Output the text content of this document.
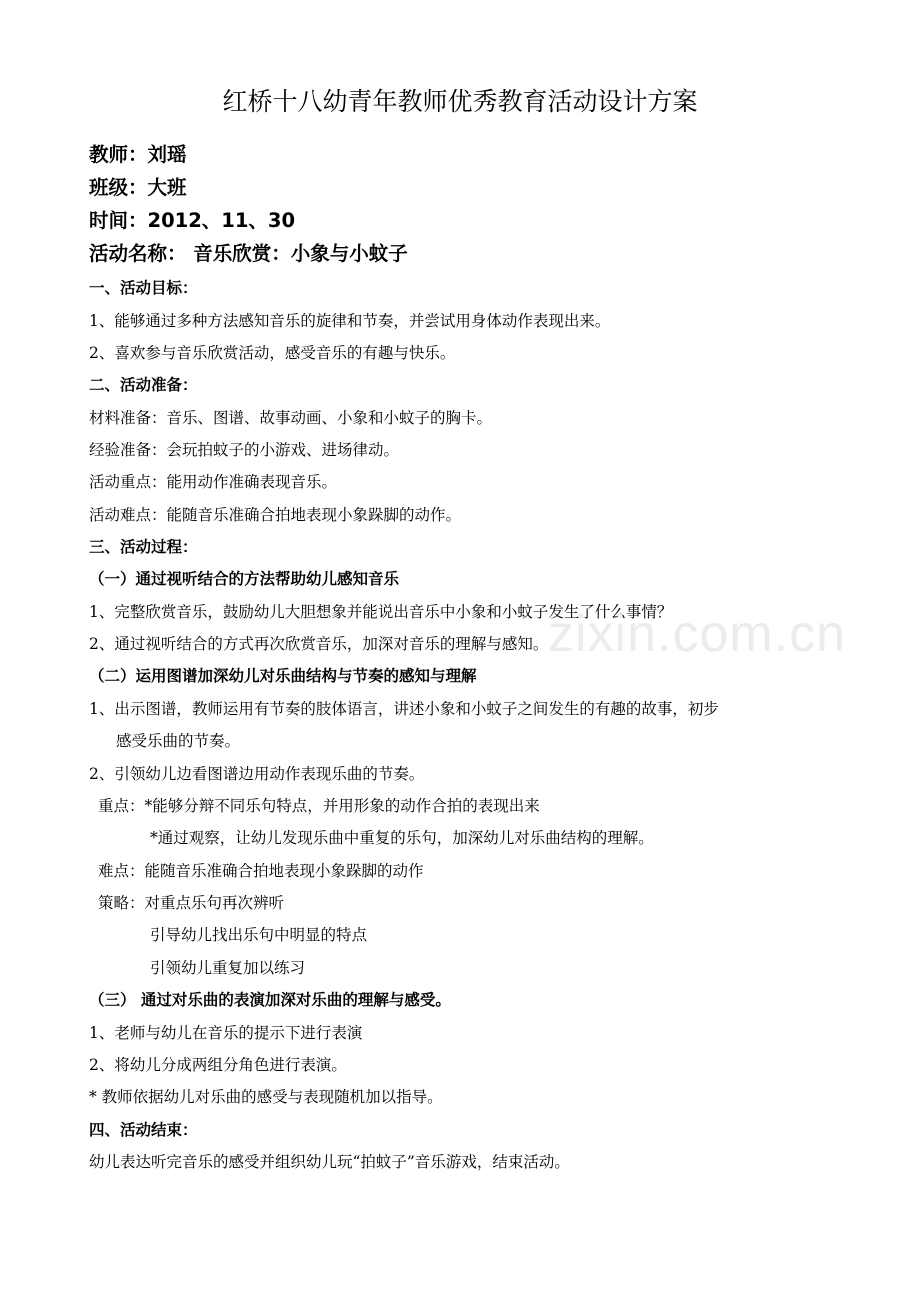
红桥十八幼青年教师优秀教育活动设计方案
教师：刘瑶
班级：大班
时间：2012、11、30
活动名称： 音乐欣赏：小象与小蚊子
一、活动目标：
1、能够通过多种方法感知音乐的旋律和节奏，并尝试用身体动作表现出来。
2、喜欢参与音乐欣赏活动，感受音乐的有趣与快乐。
二、活动准备：
材料准备：音乐、图谱、故事动画、小象和小蚊子的胸卡。
经验准备：会玩拍蚊子的小游戏、进场律动。
活动重点：能用动作准确表现音乐。
活动难点：能随音乐准确合拍地表现小象跺脚的动作。
三、活动过程：
（一）通过视听结合的方法帮助幼儿感知音乐
1、完整欣赏音乐，鼓励幼儿大胆想象并能说出音乐中小象和小蚊子发生了什么事情？
2、通过视听结合的方式再次欣赏音乐，加深对音乐的理解与感知。
（二）运用图谱加深幼儿对乐曲结构与节奏的感知与理解
1、出示图谱，教师运用有节奏的肢体语言，讲述小象和小蚊子之间发生的有趣的故事，初步
感受乐曲的节奏。
2、引领幼儿边看图谱边用动作表现乐曲的节奏。
重点：*能够分辩不同乐句特点，并用形象的动作合拍的表现出来
*通过观察，让幼儿发现乐曲中重复的乐句，加深幼儿对乐曲结构的理解。
难点：能随音乐准确合拍地表现小象跺脚的动作
策略：对重点乐句再次辨听
引导幼儿找出乐句中明显的特点
引领幼儿重复加以练习
（三） 通过对乐曲的表演加深对乐曲的理解与感受。
1、老师与幼儿在音乐的提示下进行表演
2、将幼儿分成两组分角色进行表演。
* 教师依据幼儿对乐曲的感受与表现随机加以指导。
四、活动结束：
幼儿表达听完音乐的感受并组织幼儿玩“拍蚊子”音乐游戏，结束活动。
zixin.com.cn
